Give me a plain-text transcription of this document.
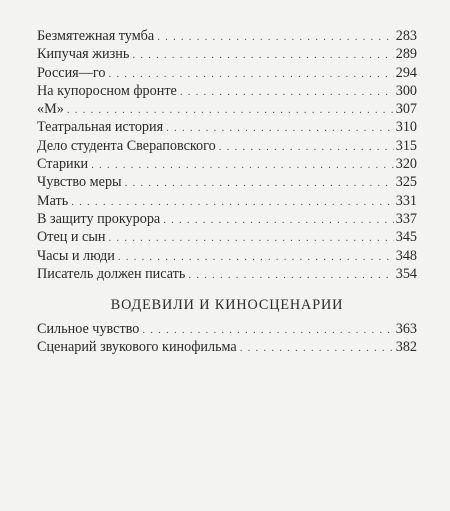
Безмятежная тумба . . .	283
Кипучая жизнь . . .	289
Россия—го . . .	294
На купоросном фронте . . .	300
«М» . . .	307
Театральная история . . .	310
Дело студента Свераповского . . .	315
Старики . . .	320
Чувство меры . . .	325
Мать . . .	331
В защиту прокурора . . .	337
Отец и сын . . .	345
Часы и люди . . .	348
Писатель должен писать . . .	354
ВОДЕВИЛИ И КИНОСЦЕНАРИИ
Сильное чувство . . .	363
Сценарий звукового кинофильма . . .	382
